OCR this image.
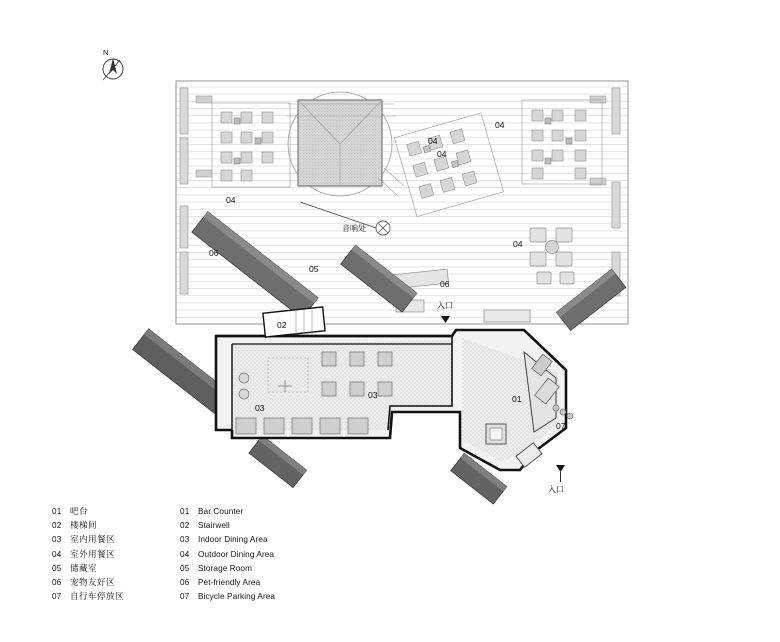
N
04
04
04
04
04
06
06
05
02
03
03	01
07
音响处
入口
入口
01 吧台	01	Bar Counter
02 楼梯间	02	Stairwell
03 室内用餐区	03	Indoor Dining Area
04 室外用餐区	04	Outdoor Dining Area
05 储藏室	05	Storage Room
06 宠物友好区	06	Pet-friendly Area
07 自行车停放区	07	Bicycle Parking Area
